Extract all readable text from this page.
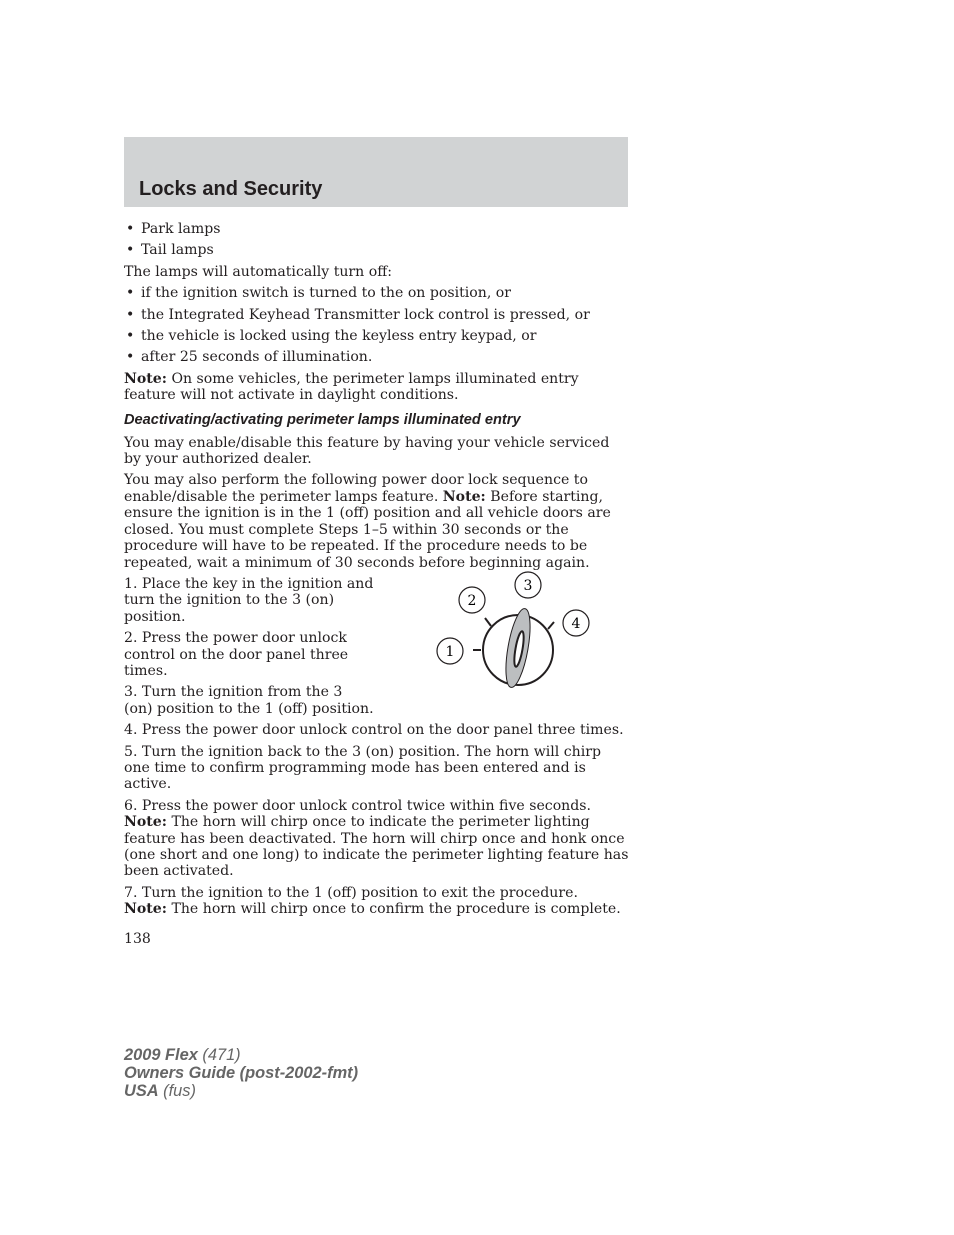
Locks and Security
• Park lamps
• Tail lamps

The lamps will automatically turn off:

• if the ignition switch is turned to the on position, or
• the Integrated Keyhead Transmitter lock control is pressed, or
• the vehicle is locked using the keyless entry keypad, or
• after 25 seconds of illumination.

Note: On some vehicles, the perimeter lamps illuminated entry feature will not activate in daylight conditions.

Deactivating/activating perimeter lamps illuminated entry

You may enable/disable this feature by having your vehicle serviced by your authorized dealer.

You may also perform the following power door lock sequence to enable/disable the perimeter lamps feature. Note: Before starting, ensure the ignition is in the 1 (off) position and all vehicle doors are closed. You must complete Steps 1–5 within 30 seconds or the procedure will have to be repeated. If the procedure needs to be repeated, wait a minimum of 30 seconds before beginning again.

1. Place the key in the ignition and turn the ignition to the 3 (on) position.

2. Press the power door unlock control on the door panel three times.

3. Turn the ignition from the 3 (on) position to the 1 (off) position.

1
2
3
4

4. Press the power door unlock control on the door panel three times.

5. Turn the ignition back to the 3 (on) position. The horn will chirp one time to confirm programming mode has been entered and is active.

6. Press the power door unlock control twice within five seconds.
Note: The horn will chirp once to indicate the perimeter lighting feature has been deactivated. The horn will chirp once and honk once (one short and one long) to indicate the perimeter lighting feature has been activated.

7. Turn the ignition to the 1 (off) position to exit the procedure.
Note: The horn will chirp once to confirm the procedure is complete.

138
2009 Flex (471)
Owners Guide (post-2002-fmt)
USA (fus)
